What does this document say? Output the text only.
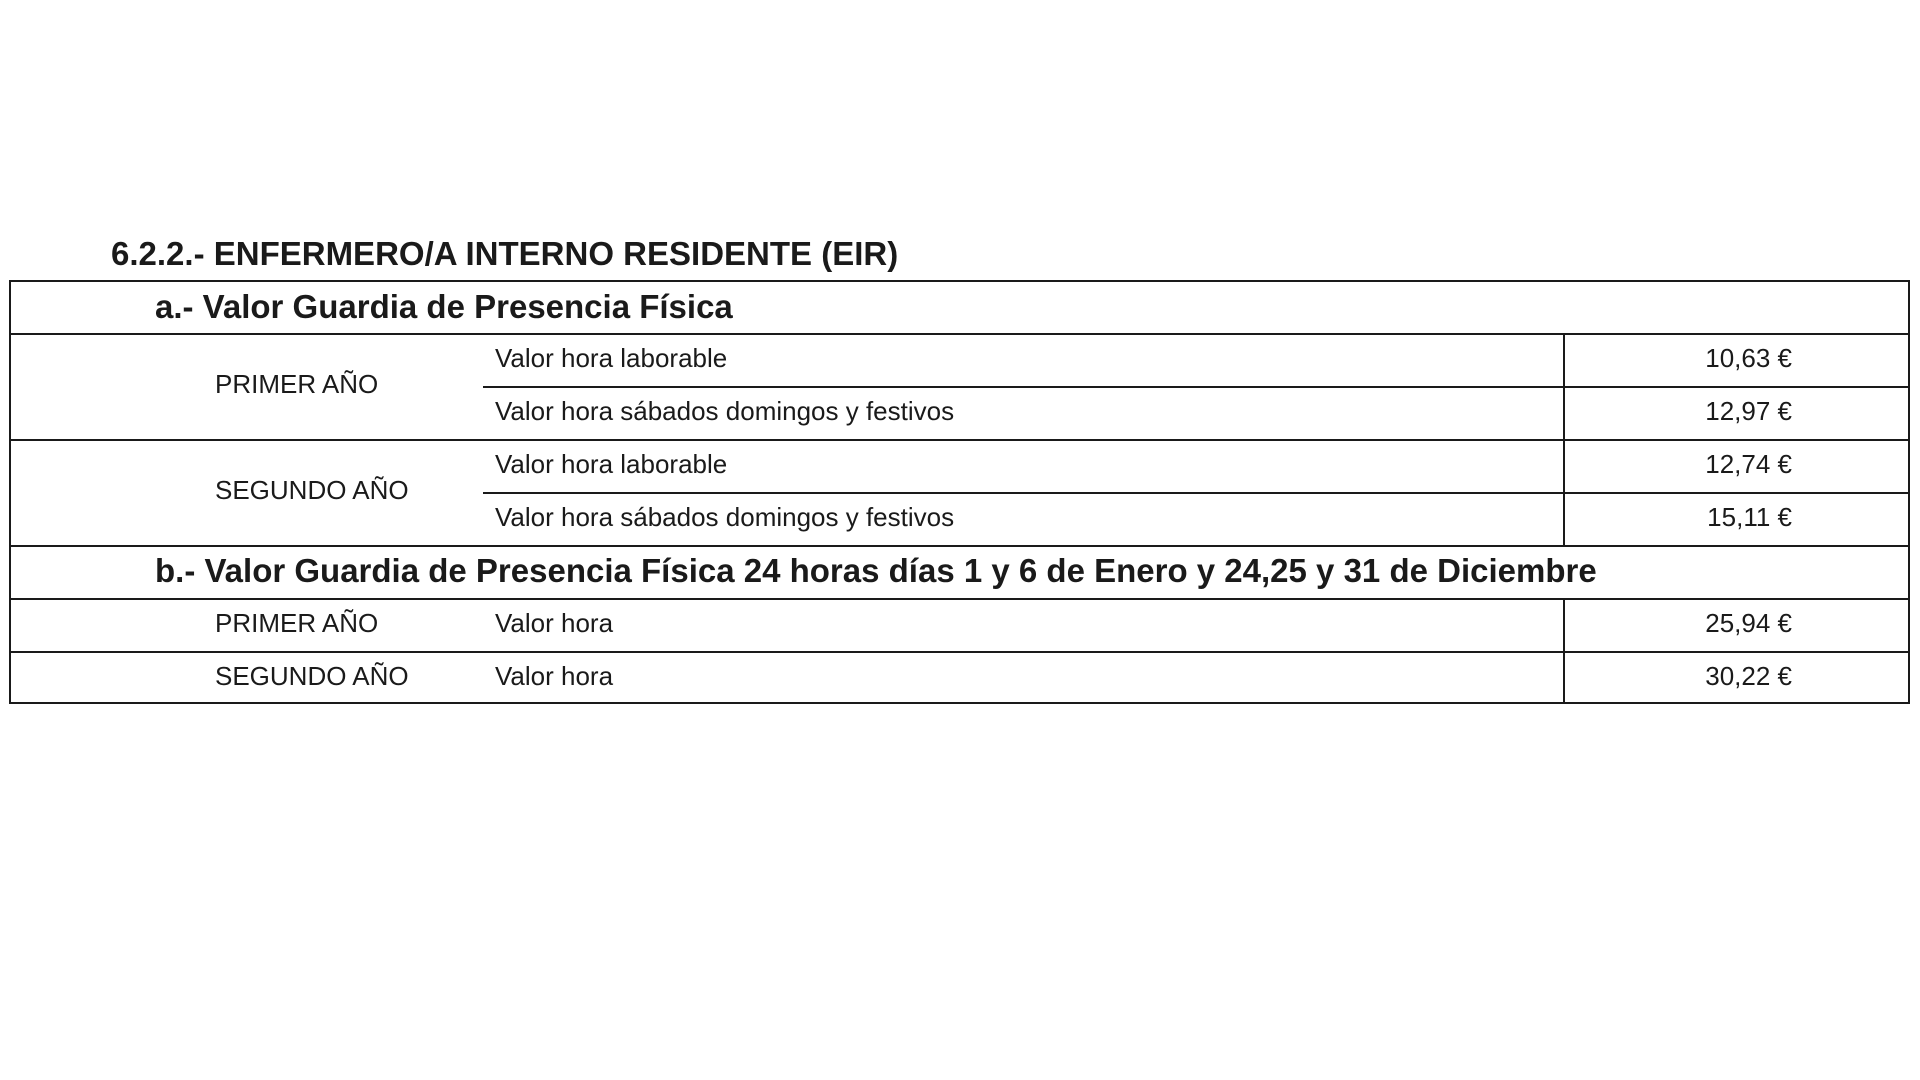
6.2.2.- ENFERMERO/A INTERNO RESIDENTE (EIR)
a.- Valor Guardia de Presencia Física
PRIMER AÑO
Valor hora laborable	10,63 €
Valor hora sábados domingos y festivos	12,97 €
SEGUNDO AÑO
Valor hora laborable	12,74 €
Valor hora sábados domingos y festivos	15,11 €
b.- Valor Guardia de Presencia Física 24 horas días 1 y 6 de Enero y 24,25 y 31 de Diciembre
PRIMER AÑO	Valor hora	25,94 €
SEGUNDO AÑO	Valor hora	30,22 €
